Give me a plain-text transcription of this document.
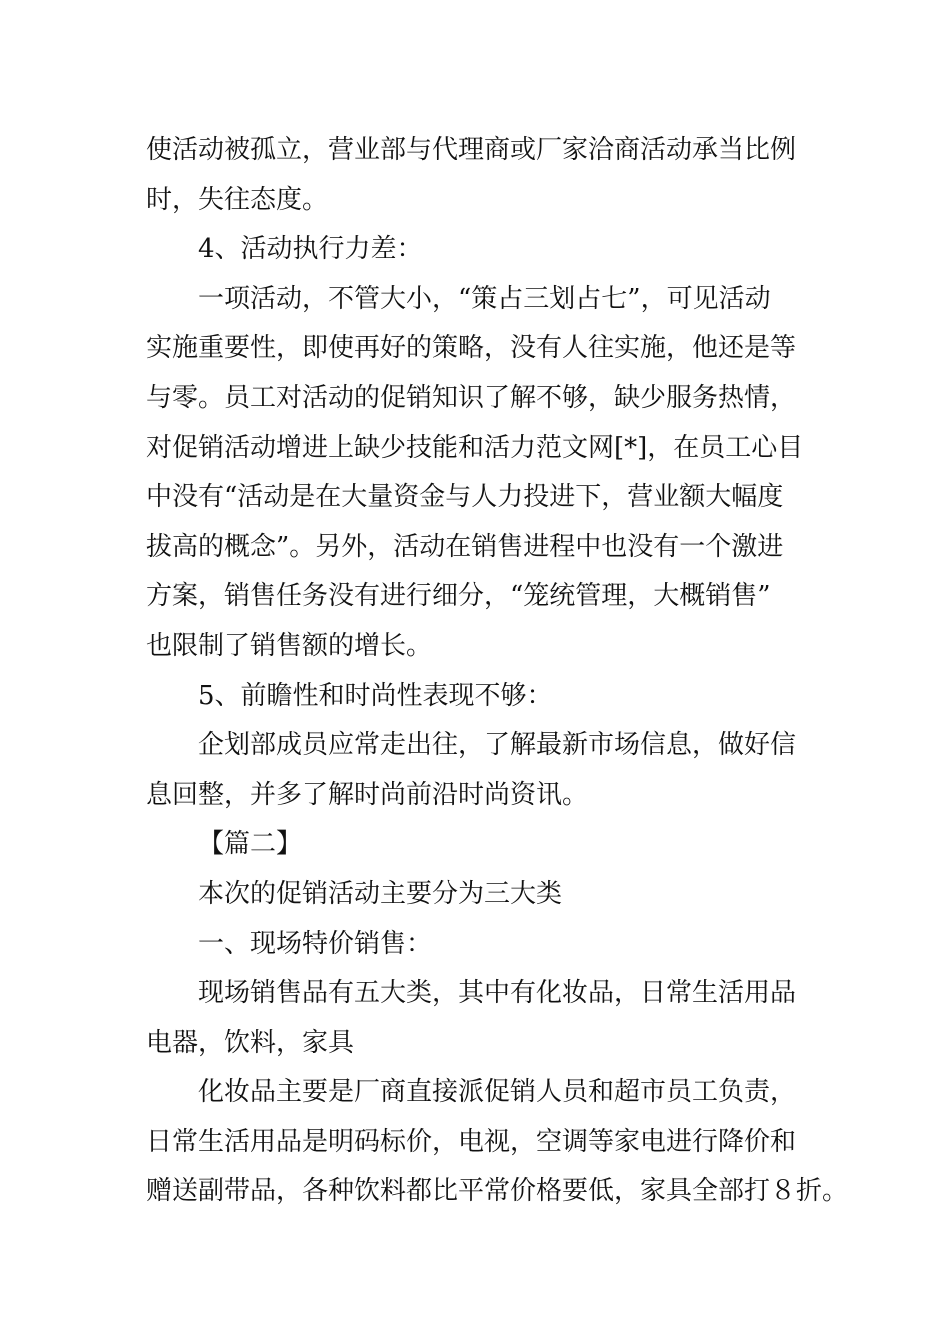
使活动被孤立，营业部与代理商或厂家洽商活动承当比例
时，失往态度。
4、活动执行力差：
一项活动，不管大小，“策占三划占七”，可见活动
实施重要性，即使再好的策略，没有人往实施，他还是等
与零。员工对活动的促销知识了解不够，缺少服务热情，
对促销活动增进上缺少技能和活力范文网[*]，在员工心目
中没有“活动是在大量资金与人力投进下，营业额大幅度
拔高的概念”。另外，活动在销售进程中也没有一个激进
方案，销售任务没有进行细分，“笼统管理，大概销售”
也限制了销售额的增长。
5、前瞻性和时尚性表现不够：
企划部成员应常走出往，了解最新市场信息，做好信
息回整，并多了解时尚前沿时尚资讯。
【篇二】
本次的促销活动主要分为三大类
一、现场特价销售：
现场销售品有五大类，其中有化妆品，日常生活用品
电器，饮料，家具
化妆品主要是厂商直接派促销人员和超市员工负责，
日常生活用品是明码标价，电视，空调等家电进行降价和
赠送副带品，各种饮料都比平常价格要低，家具全部打８折。
